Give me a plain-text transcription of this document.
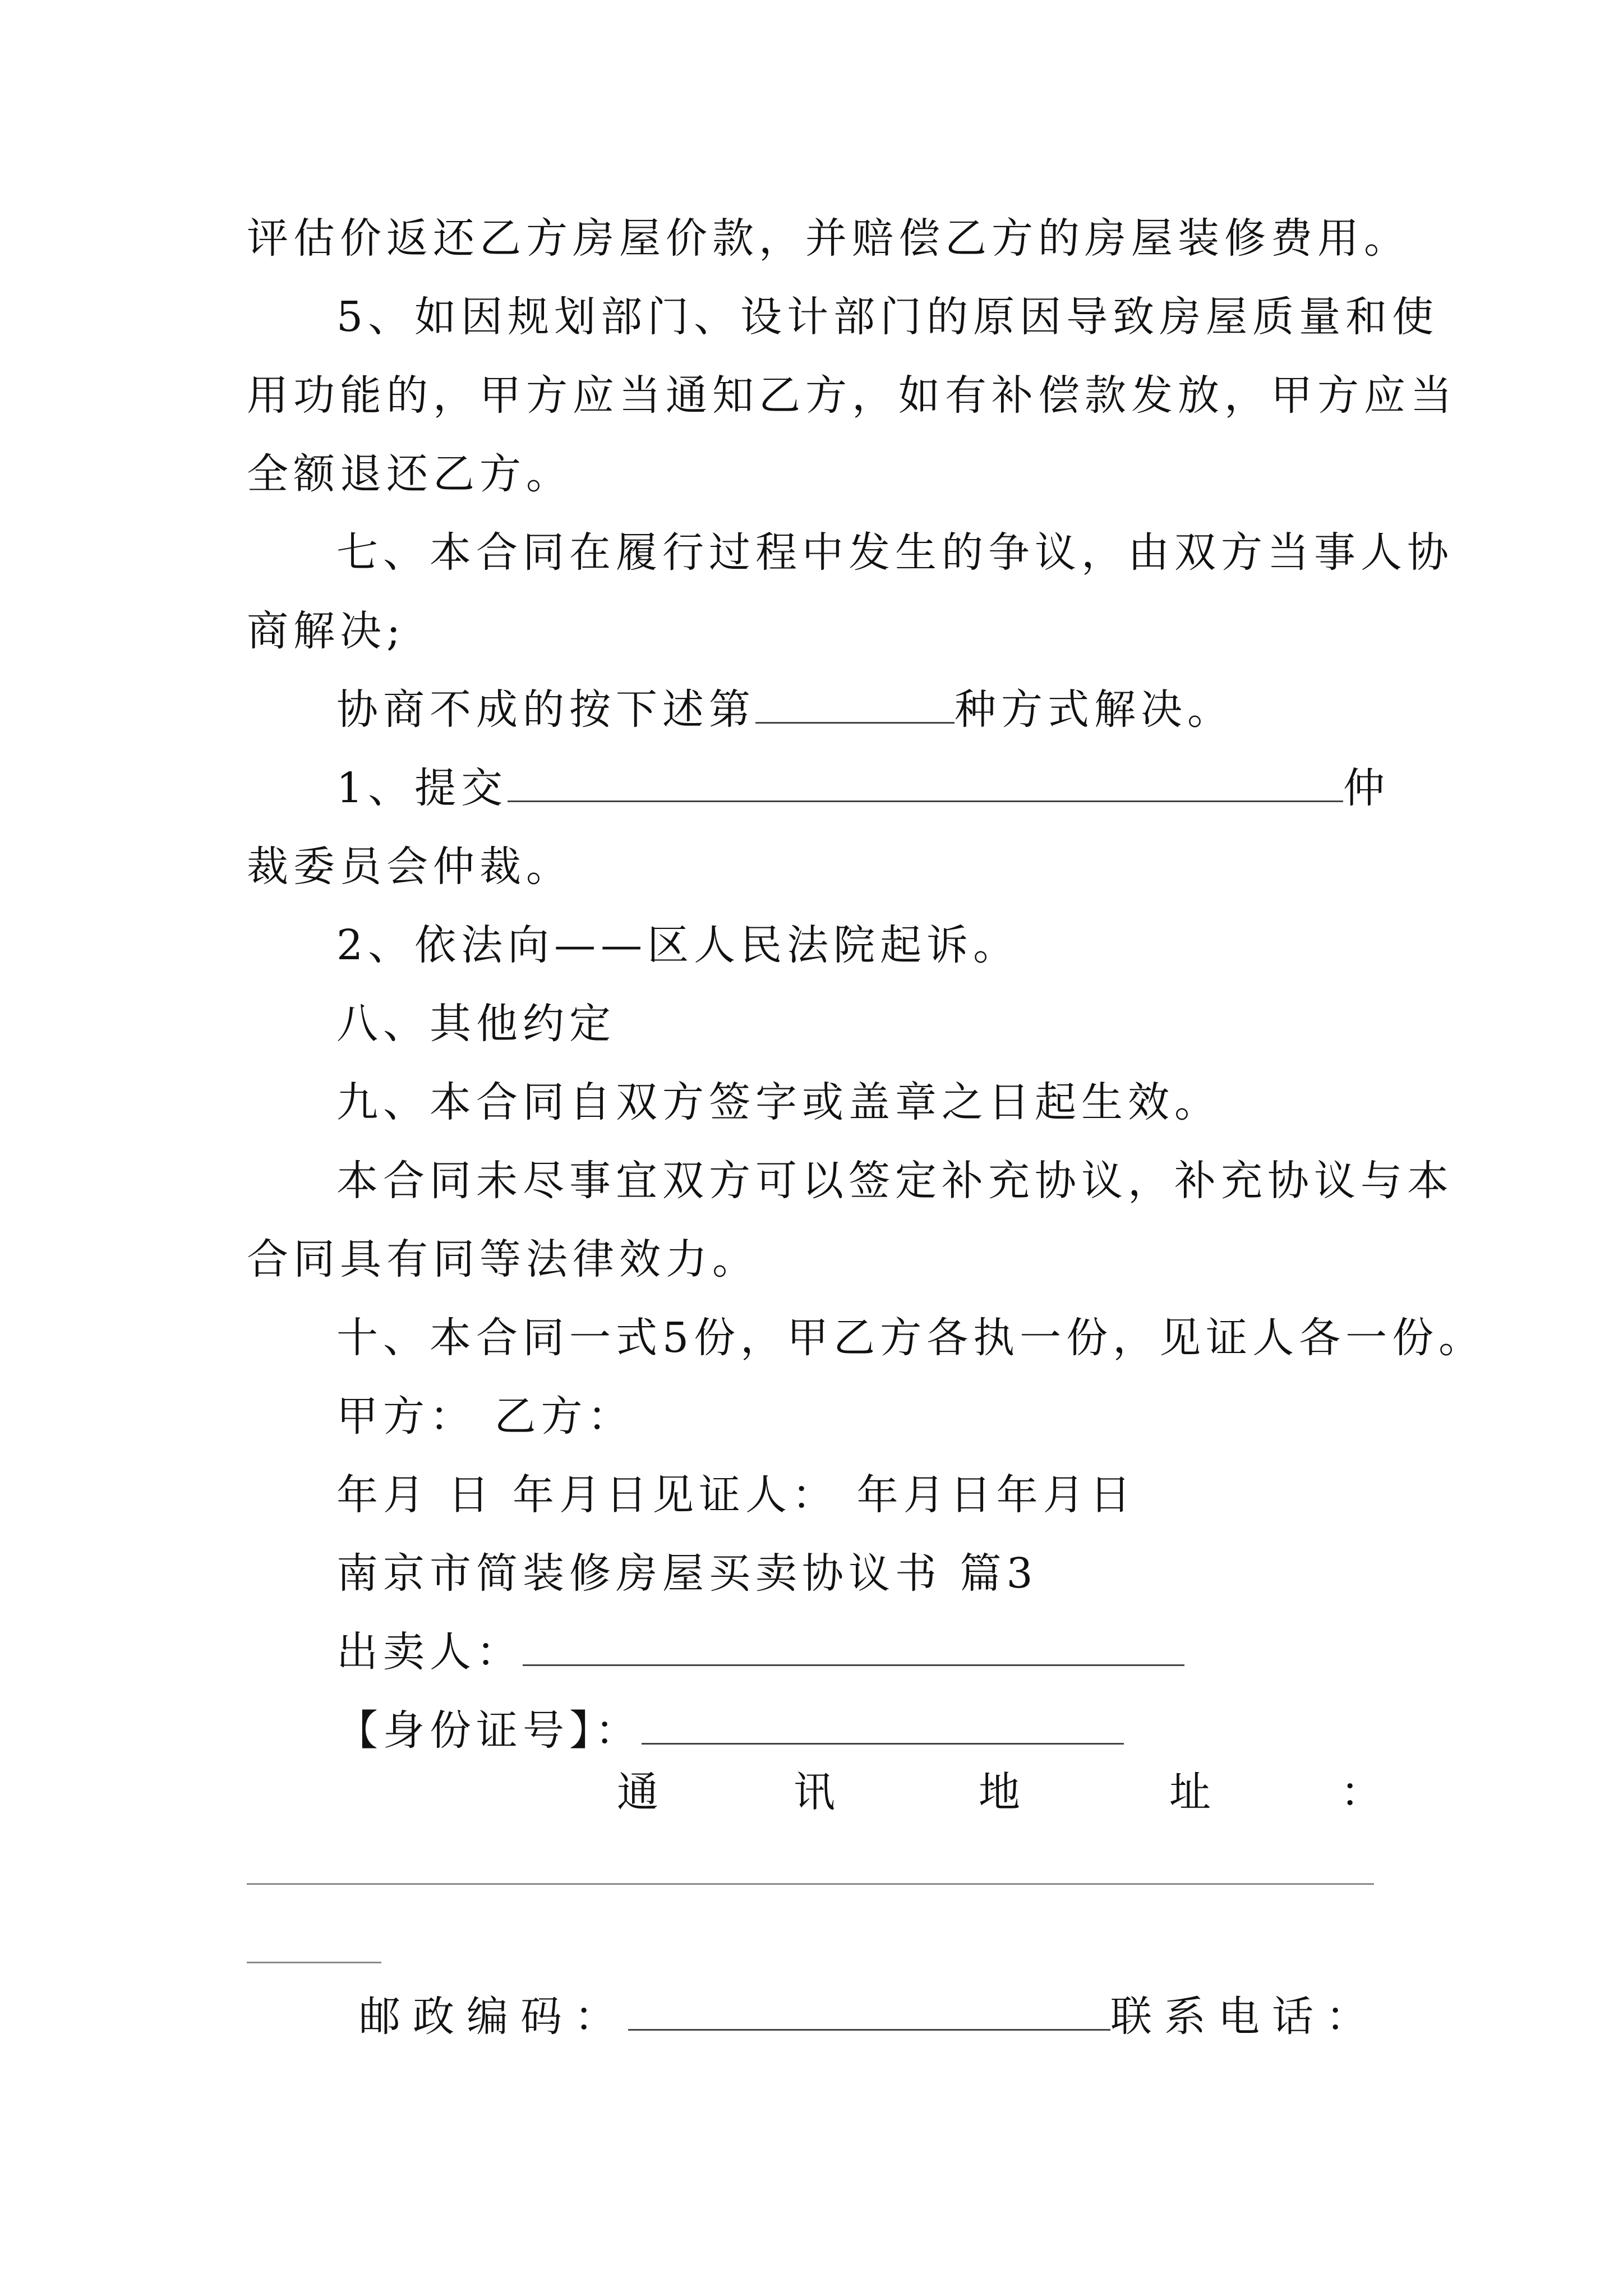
评估价返还乙方房屋价款，并赔偿乙方的房屋装修费用。
5、如因规划部门、设计部门的原因导致房屋质量和使
用功能的，甲方应当通知乙方，如有补偿款发放，甲方应当
全额退还乙方。
七、本合同在履行过程中发生的争议，由双方当事人协
商解决;
协商不成的按下述第	种方式解决。
1、提交	仲
裁委员会仲裁。
2、依法向——区人民法院起诉。
八、其他约定
九、本合同自双方签字或盖章之日起生效。
本合同未尽事宜双方可以签定补充协议，补充协议与本
合同具有同等法律效力。
十、本合同一式5份，甲乙方各执一份，见证人各一份。
甲方： 乙方：
年月 日 年月日见证人： 年月日年月日
南京市简装修房屋买卖协议书 篇3
出卖人：
【身份证号】：
通	讯	地	址	：
邮政编码：	联系电话：
